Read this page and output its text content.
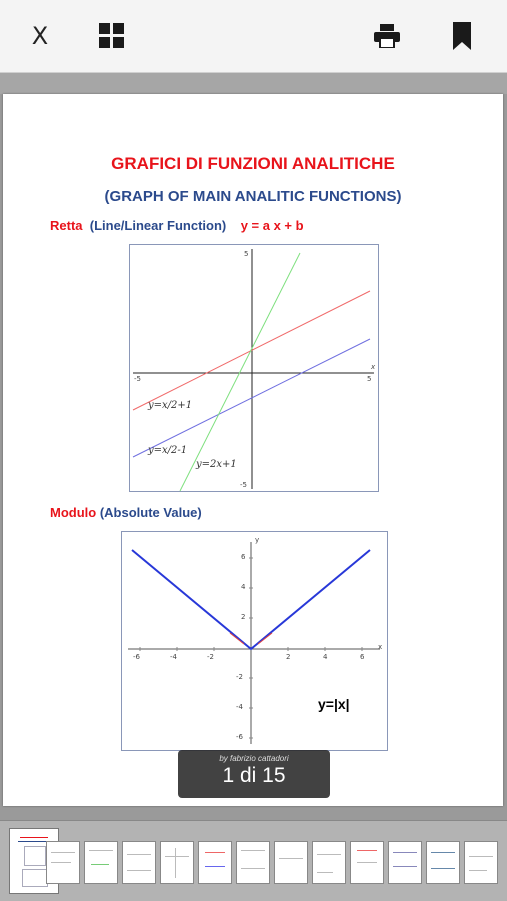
X
GRAFICI DI FUNZIONI ANALITICHE
(GRAPH OF MAIN ANALITIC FUNCTIONS)
Retta (Line/Linear Function) y = a x + b
-5	5
x
5
-5
y=x/2+1
y=x/2-1
y=2x+1
Modulo (Absolute Value)
y
x
-6	-4	-2	2	4	6
6
4
2
-2
-4
-6
y=|x|
by fabrizio cattadori
1 di 15
